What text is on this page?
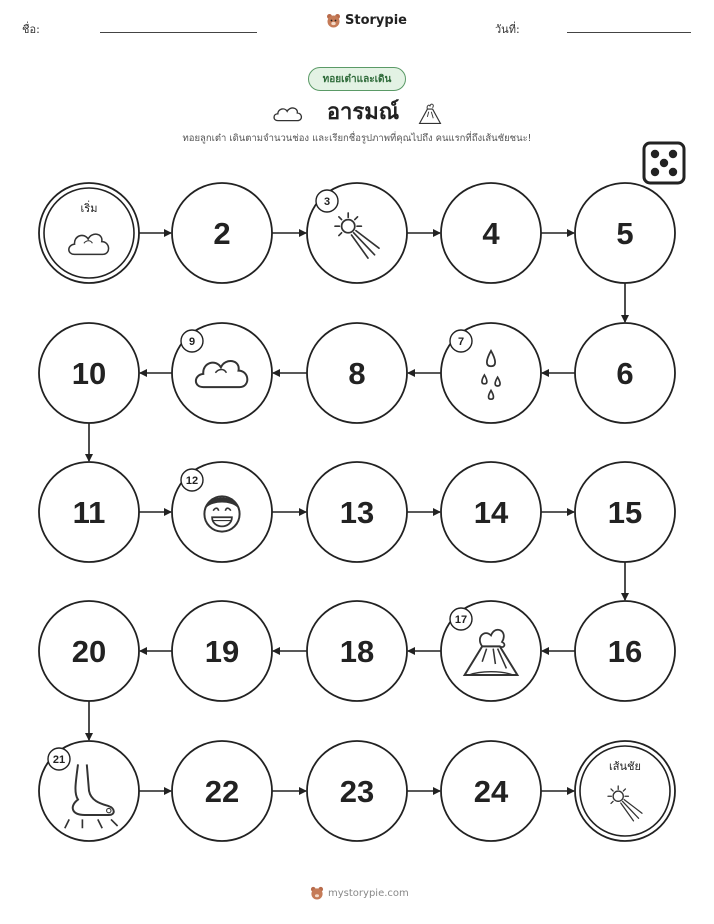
ชื่อ:
Storypie
วันที่:
ทอยเต๋าและเดิน
อารมณ์
ทอยลูกเต๋า เดินตามจำนวนช่อง และเรียกชื่อรูปภาพที่คุณไปถึง คนแรกที่ถึงเส้นชัยชนะ!
เริ่ม
2
3
4	5
6
7
8
9
10
11
12
13	14	15
16
17
18
19
20
21
22	23	24
เส้นชัย
mystorypie.com
